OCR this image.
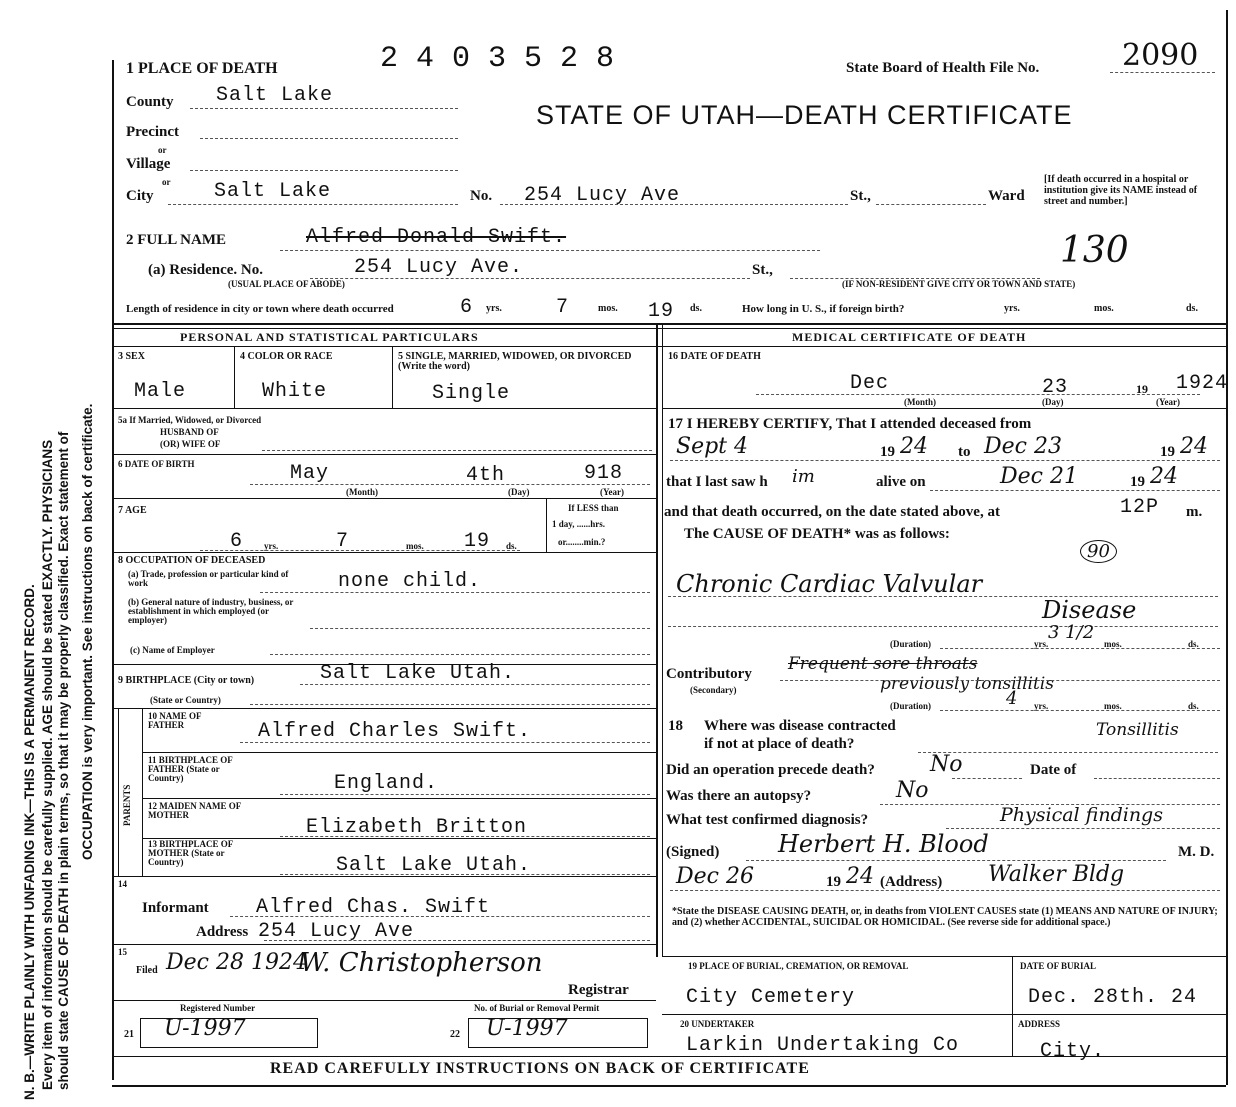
N. B.—WRITE PLAINLY WITH UNFADING INK—THIS IS A PERMANENT RECORD. Every item of information should be carefully supplied. AGE should be stated EXACTLY. PHYSICIANS should state CAUSE OF DEATH in plain terms, so that it may be properly classified. Exact statement of OCCUPATION is very important. See instructions on back of certificate.
1 PLACE OF DEATH	2 4 0 3 5 2 8	State Board of Health File No.	2090
STATE OF UTAH—DEATH CERTIFICATE
County Salt Lake
Precinct
or
Village
or
City	Salt Lake	No. 254 Lucy Ave	St.,	Ward
[If death occurred in a hospital or institution give its NAME instead of street and number.]
130
2 FULL NAME	Alfred Donald Swift.
(a) Residence. No.	254 Lucy Ave.	St.,
(USUAL PLACE OF ABODE)	(IF NON-RESIDENT GIVE CITY OR TOWN AND STATE)
Length of residence in city or town where death occurred	6 yrs.	7	mos. 19 ds.	How long in U. S., if foreign birth?	yrs.	mos.	ds.
PERSONAL AND STATISTICAL PARTICULARS	MEDICAL CERTIFICATE OF DEATH
3 SEX
Male
4 COLOR OR RACE
White
5 SINGLE, MARRIED, WIDOWED, OR DIVORCED (Write the word)
Single
5a If Married, Widowed, or Divorced
HUSBAND OF
(OR) WIFE OF
6 DATE OF BIRTH	May	4th	918
(Month)	(Day)	(Year)
7 AGE
6 yrs.	7	mos. 19 ds.
If LESS than
1 day, ......hrs.
or........min.?
8 OCCUPATION OF DECEASED
(a) Trade, profession or particular kind of work	none child.
(b) General nature of industry, business, or establishment in which employed (or employer)
(c) Name of Employer
9 BIRTHPLACE (City or town)	Salt Lake Utah.
(State or Country)
PARENTS
10 NAME OF FATHER	Alfred Charles Swift.
11 BIRTHPLACE OF FATHER (State or Country)	England.
12 MAIDEN NAME OF MOTHER
Elizabeth Britton
13 BIRTHPLACE OF MOTHER (State or Country)	Salt Lake Utah.
14
Informant Alfred Chas. Swift
Address 254 Lucy Ave
15
Filed Dec 28 1924
W. Christopherson
Registrar
Registered Number	No. of Burial or Removal Permit
21 U-1997	22 U-1997
16 DATE OF DEATH
Dec	23	1924
19
(Month)	(Day)	(Year)
17 I HEREBY CERTIFY, That I attended deceased from
Sept 4	19 24 to Dec 23	19 24
that I last saw h im	alive on	Dec 21	19 24
and that death occurred, on the date stated above, at	12P m.
The CAUSE OF DEATH* was as follows:
90
Chronic Cardiac Valvular
Disease
(Duration)
3 1/2
yrs.	mos.	ds.
Contributory
(Secondary)
Frequent sore throats
previously tonsillitis
(Duration)	4 yrs.	mos.	ds.
18 Where was disease contracted
if not at place of death?
Tonsillitis
Did an operation precede death?	No	Date of
Was there an autopsy?	No
What test confirmed diagnosis?	Physical findings
(Signed) Herbert H. Blood	M. D.
Dec 26	19 24 (Address) Walker Bldg
*State the DISEASE CAUSING DEATH, or, in deaths from VIOLENT CAUSES state (1) MEANS AND NATURE OF INJURY; and (2) whether ACCIDENTAL, SUICIDAL OR HOMICIDAL. (See reverse side for additional space.)
19 PLACE OF BURIAL, CREMATION, OR REMOVAL
City Cemetery
DATE OF BURIAL
Dec. 28th. 24
20 UNDERTAKER
Larkin Undertaking Co
ADDRESS
City.
READ CAREFULLY INSTRUCTIONS ON BACK OF CERTIFICATE
